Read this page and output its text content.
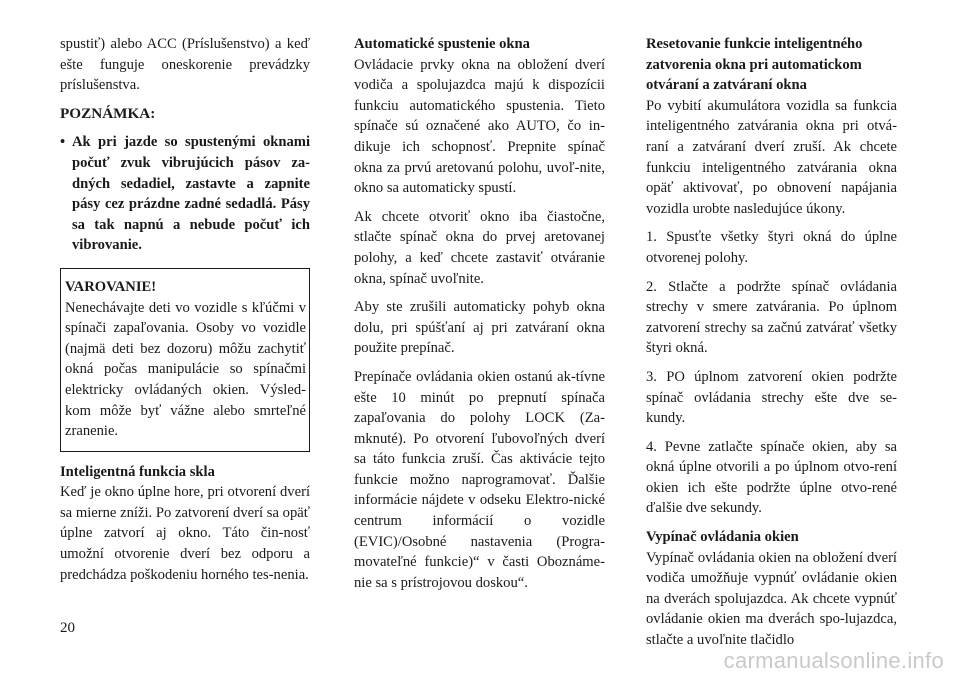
spustiť) alebo ACC (Príslušenstvo) a keď ešte funguje oneskorenie prevádzky príslušenstva.

POZNÁMKA:

• Ak pri jazde so spustenými oknami počuť zvuk vibrujúcich pásov za-dných sedadiel, zastavte a zapnite pásy cez prázdne zadné sedadlá. Pásy sa tak napnú a nebude počuť ich vibrovanie.
VAROVANIE!
Nenechávajte deti vo vozidle s kľúčmi v spínači zapaľovania. Osoby vo vozidle (najmä deti bez dozoru) môžu zachytiť okná počas manipulácie so spínačmi elektricky ovládaných okien. Výsled-kom môže byť vážne alebo smrteľné zranenie.

Inteligentná funkcia skla
Keď je okno úplne hore, pri otvorení dverí sa mierne zníži. Po zatvorení dverí sa opäť úplne zatvorí aj okno. Táto čin-nosť umožní otvorenie dverí bez odporu a predchádza poškodeniu horného tes-nenia.

Automatické spustenie okna
Ovládacie prvky okna na obložení dverí vodiča a spolujazdca majú k dispozícii funkciu automatického spustenia. Tieto spínače sú označené ako AUTO, čo in-dikuje ich schopnosť. Prepnite spínač okna za prvú aretovanú polohu, uvoľ-nite, okno sa automaticky spustí.

Ak chcete otvoriť okno iba čiastočne, stlačte spínač okna do prvej aretovanej polohy, a keď chcete zastaviť otváranie okna, spínač uvoľnite.

Aby ste zrušili automaticky pohyb okna dolu, pri spúšťaní aj pri zatváraní okna použite prepínač.

Prepínače ovládania okien ostanú ak-tívne ešte 10 minút po prepnutí spínača zapaľovania do polohy LOCK (Za-mknuté). Po otvorení ľubovoľných dverí sa táto funkcia zruší. Čas aktivácie tejto funkcie možno naprogramovať. Ďalšie informácie nájdete v odseku Elektro-nické centrum informácií o vozidle (EVIC)/Osobné nastavenia (Progra-movateľné funkcie)“ v časti Oboznáme-nie sa s prístrojovou doskou“.

Resetovanie funkcie inteligentného zatvorenia okna pri automatickom otváraní a zatváraní okna
Po vybití akumulátora vozidla sa funkcia inteligentného zatvárania okna pri otvá-raní a zatváraní dverí zruší. Ak chcete funkciu inteligentného zatvárania okna opäť aktivovať, po obnovení napájania vozidla urobte nasledujúce úkony.

1. Spusťte všetky štyri okná do úplne otvorenej polohy.

2. Stlačte a podržte spínač ovládania strechy v smere zatvárania. Po úplnom zatvorení strechy sa začnú zatvárať všetky štyri okná.

3. PO úplnom zatvorení okien podržte spínač ovládania strechy ešte dve se-kundy.

4. Pevne zatlačte spínače okien, aby sa okná úplne otvorili a po úplnom otvo-rení okien ich ešte podržte úplne otvo-rené ďalšie dve sekundy.

Vypínač ovládania okien
Vypínač ovládania okien na obložení dverí vodiča umožňuje vypnúť ovládanie okien na dverách spolujazdca. Ak chcete vypnúť ovládanie okien ma dverách spo-lujazdca, stlačte a uvoľnite tlačidlo

20
carmanualsonline.info
